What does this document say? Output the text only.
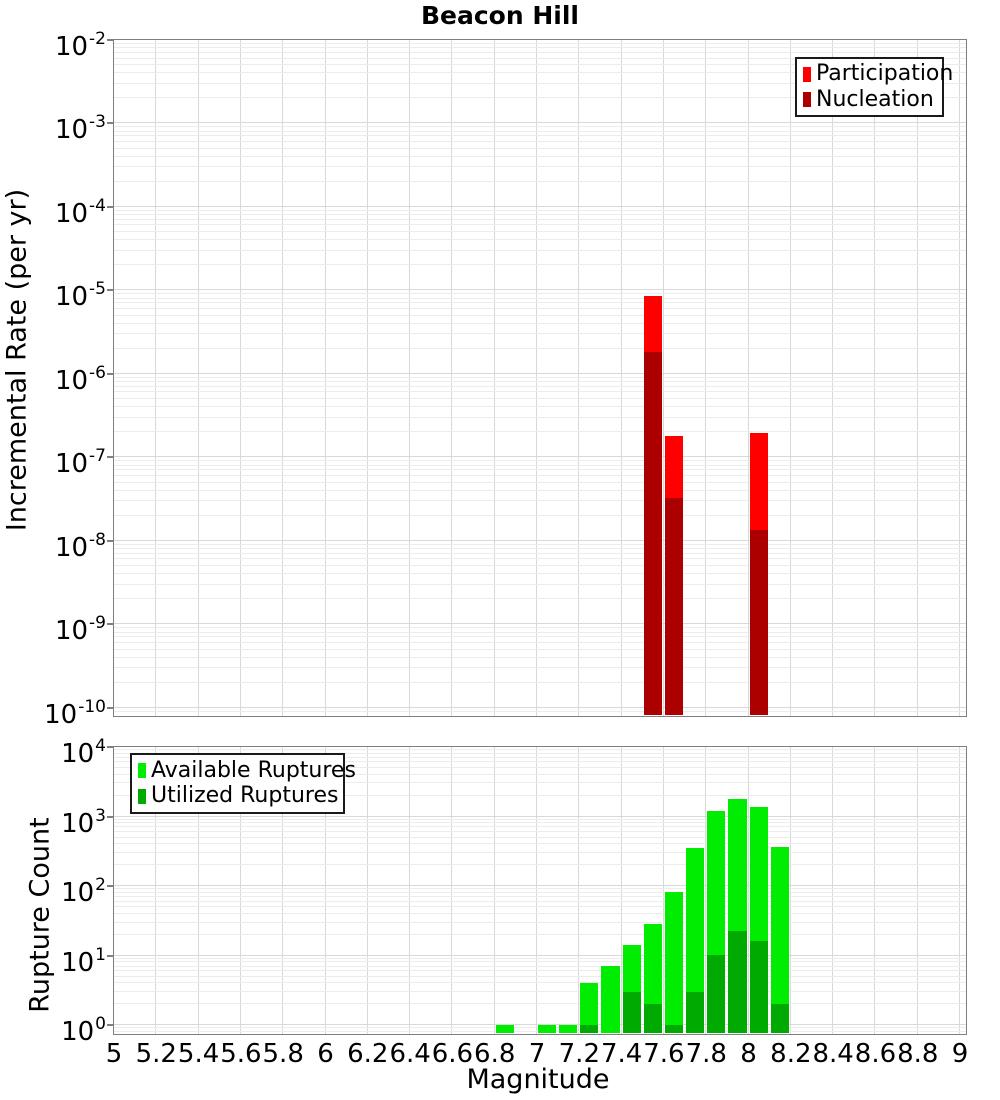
Beacon Hill
Incremental Rate (per yr)
Rupture Count
Magnitude
Participation
Nucleation
Available Ruptures
Utilized Ruptures
$10^{-2}$
$10^{-3}$
$10^{-4}$
$10^{-5}$
$10^{-6}$
$10^{-7}$
$10^{-8}$
$10^{-9}$
$10^{-10}$
$10^4$
$10^3$
$10^2$
$10^1$
$10^0$
5 5.2 5.4 5.6 5.8 6 6.2 6.4 6.6 6.8 7 7.2 7.4 7.6 7.8 8 8.2 8.4 8.6 8.8 9
